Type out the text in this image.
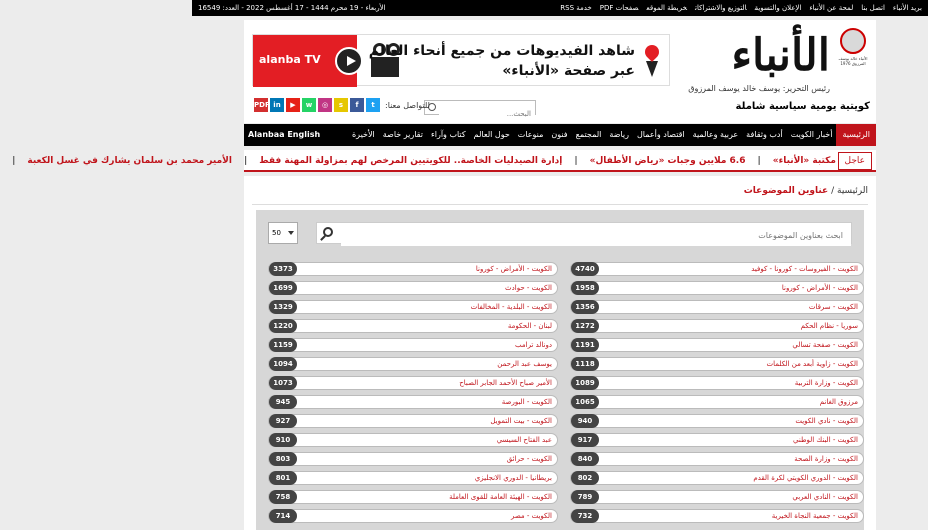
بريد الأنباءاتصل بنالمحة عن الأنباءالإعلان والتسويقالتوزيع والاشتراكاتخريطة الموقعصفحات PDFخدمة RSS
الأربعاء - 19 محرم 1444 - 17 أغسطس 2022 - العدد: 16549
الأنباء خالد يوسف المرزوق 1976
الأنباء
رئيس التحرير: يوسف خالد يوسف المرزوق
كويتية يومية سياسية شاملة
alanba TV
شاهد الفيديوهات من جميع أنحاء العالم
عبر صفحة «الأنباء»
البحث...
للتواصل معنا:
t
f
s
◎
w
▶
in
PDF
الرئيسية
أخبار الكويت
أدب وثقافة
عربية وعالمية
اقتصاد وأعمال
رياضة
المجتمع
فنون
منوعات
حول العالم
كتاب وآراء
تقارير خاصة
الأخيرة
Alanbaa English
عاجل
مكتبة «الأنباء»|6.6 ملايين وجبات «رياض الأطفال»|إدارة الصيدليات الخاصة.. للكويتيين المرخص لهم بمزاولة المهنة فقط|الأمير محمد بن سلمان يشارك في غسل الكعبة|
الرئيسية / عناوين الموضوعات
ابحث بعناوين الموضوعات
50
الكويت - الفيروسات - كورونا - كوفيد
4740
الكويت - الأمراض - كورونا
3373
الكويت - الأمراض - كورونا
1958
الكويت - حوادث
1699
الكويت - سرقات
1356
الكويت - البلدية - المخالفات
1329
سوريا - نظام الحكم
1272
لبنان - الحكومة
1220
الكويت - صفحة تسالي
1191
دونالد ترامب
1159
الكويت - زاوية أبعد من الكلمات
1118
يوسف عبد الرحمن
1094
الكويت - وزارة التربية
1089
الأمير صباح الأحمد الجابر الصباح
1073
مرزوق الغانم
1065
الكويت - البورصة
945
الكويت - نادي الكويت
940
الكويت - بيت التمويل
927
الكويت - البنك الوطني
917
عبد الفتاح السيسي
910
الكويت - وزارة الصحة
840
الكويت - حرائق
803
الكويت - الدوري الكويتي لكرة القدم
802
بريطانيا - الدوري الانجليزي
801
الكويت - النادي العربي
789
الكويت - الهيئة العامة للقوى العاملة
758
الكويت - جمعية النجاة الخيرية
732
الكويت - مصر
714
